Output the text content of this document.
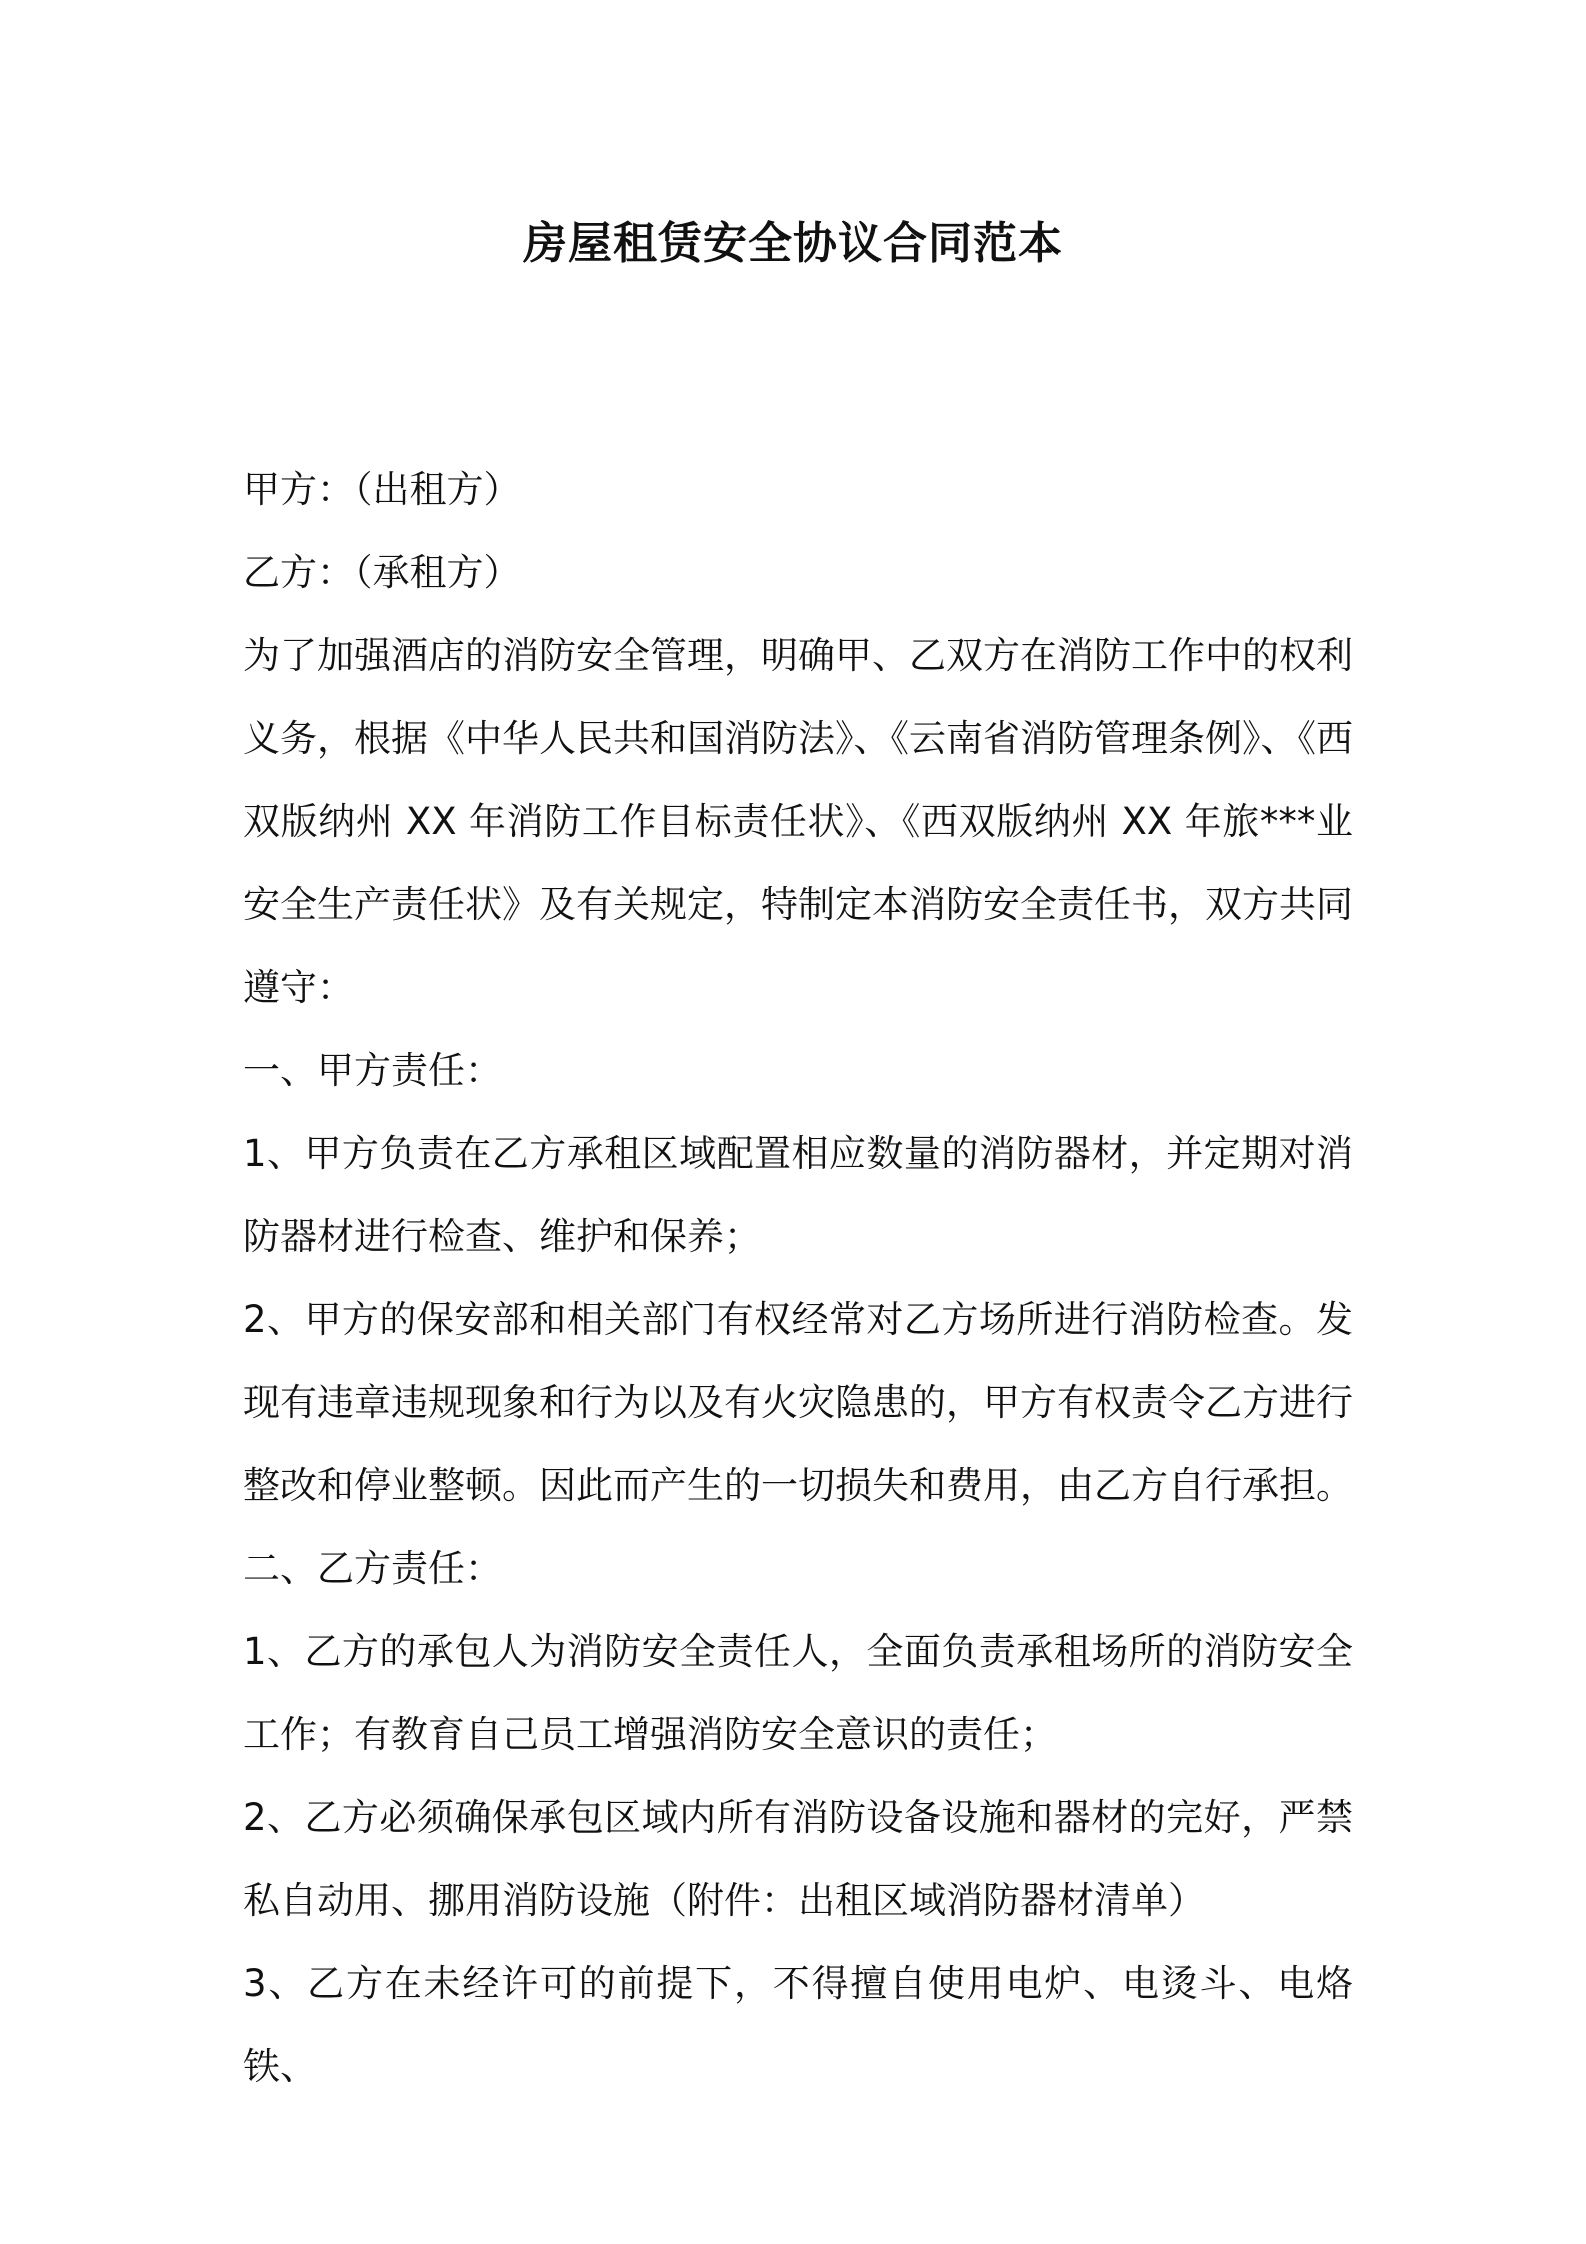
房屋租赁安全协议合同范本

甲方：（出租方）

乙方：（承租方）

为了加强酒店的消防安全管理，明确甲、乙双方在消防工作中的权利义务，根据《中华人民共和国消防法》、《云南省消防管理条例》、《西双版纳州 XX 年消防工作目标责任状》、《西双版纳州 XX 年旅***业安全生产责任状》及有关规定，特制定本消防安全责任书，双方共同遵守：

一、甲方责任：

1、甲方负责在乙方承租区域配置相应数量的消防器材，并定期对消防器材进行检查、维护和保养；

2、甲方的保安部和相关部门有权经常对乙方场所进行消防检查。发现有违章违规现象和行为以及有火灾隐患的，甲方有权责令乙方进行整改和停业整顿。因此而产生的一切损失和费用，由乙方自行承担。

二、乙方责任：

1、乙方的承包人为消防安全责任人，全面负责承租场所的消防安全工作；有教育自己员工增强消防安全意识的责任；

2、乙方必须确保承包区域内所有消防设备设施和器材的完好，严禁私自动用、挪用消防设施（附件：出租区域消防器材清单）

3、乙方在未经许可的前提下，不得擅自使用电炉、电烫斗、电烙铁、
